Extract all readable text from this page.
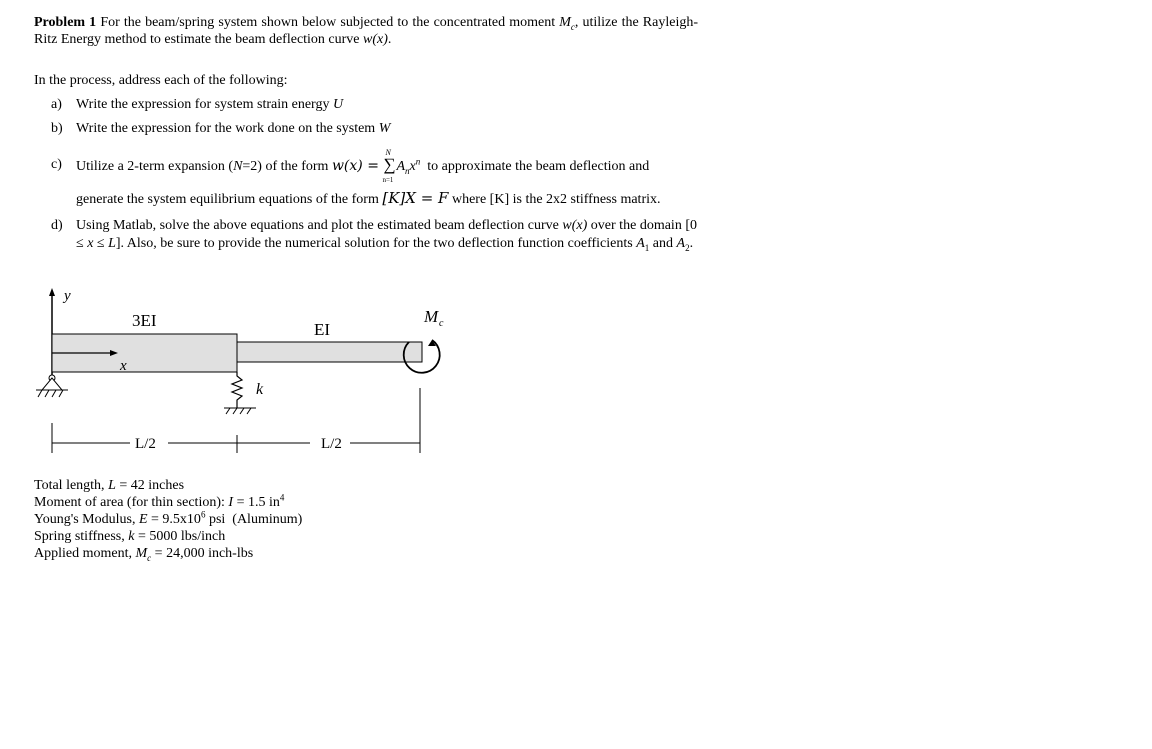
Problem 1 For the beam/spring system shown below subjected to the concentrated moment $M_c$, utilize the Rayleigh-Ritz Energy method to estimate the beam deflection curve w(x).
In the process, address each of the following:
a)	Write the expression for system strain energy U
b) Write the expression for the work done on the system W
c)	Utilize a 2-term expansion (N=2) of the form w(x) =
N
∑
n=1
$A_nx^n$ to approximate the beam deflection and
generate the system equilibrium equations of the form [K]X = F where [K] is the 2x2 stiffness matrix.
d) Using Matlab, solve the above equations and plot the estimated beam deflection curve w(x) over the domain [0 ≤ x ≤ L]. Also, be sure to provide the numerical solution for the two deflection function coefficients $A_1$ and $A_2$.
y
x
3EI	EI
k
M c
L/2	L/2
Total length, L = 42 inches
Moment of area (for thin section): I = 1.5 $in^4$
Young's Modulus, $E = 9.5x10^6$ psi  (Aluminum)
Spring stiffness, k = 5000 lbs/inch
Applied moment, $M_c = 24,000$ inch-lbs
